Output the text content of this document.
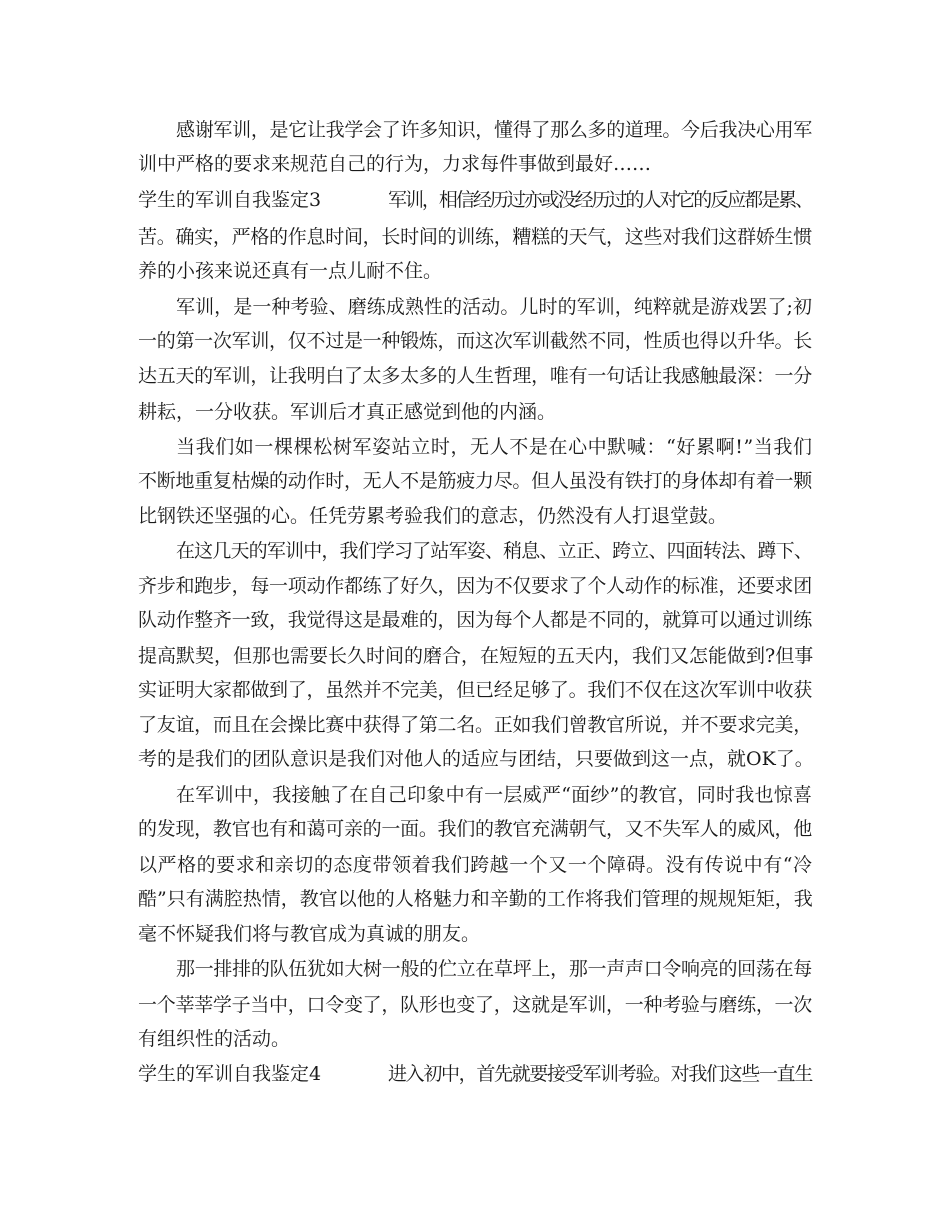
感谢军训，是它让我学会了许多知识，懂得了那么多的道理。今后我决心用军
训中严格的要求来规范自己的行为，力求每件事做到最好……
学生的军训自我鉴定3	军训，相信经历过亦或没经历过的人对它的反应都是累、
苦。确实，严格的作息时间，长时间的训练，糟糕的天气，这些对我们这群娇生惯
养的小孩来说还真有一点儿耐不住。
军训，是一种考验、磨练成熟性的活动。儿时的军训，纯粹就是游戏罢了;初
一的第一次军训，仅不过是一种锻炼，而这次军训截然不同，性质也得以升华。长
达五天的军训，让我明白了太多太多的人生哲理，唯有一句话让我感触最深：一分
耕耘，一分收获。军训后才真正感觉到他的内涵。
当我们如一棵棵松树军姿站立时，无人不是在心中默喊：“好累啊!”当我们
不断地重复枯燥的动作时，无人不是筋疲力尽。但人虽没有铁打的身体却有着一颗
比钢铁还坚强的心。任凭劳累考验我们的意志，仍然没有人打退堂鼓。
在这几天的军训中，我们学习了站军姿、稍息、立正、跨立、四面转法、蹲下、
齐步和跑步，每一项动作都练了好久，因为不仅要求了个人动作的标准，还要求团
队动作整齐一致，我觉得这是最难的，因为每个人都是不同的，就算可以通过训练
提高默契，但那也需要长久时间的磨合，在短短的五天内，我们又怎能做到?但事
实证明大家都做到了，虽然并不完美，但已经足够了。我们不仅在这次军训中收获
了友谊，而且在会操比赛中获得了第二名。正如我们曾教官所说，并不要求完美，
考的是我们的团队意识是我们对他人的适应与团结，只要做到这一点，就OK了。
在军训中，我接触了在自己印象中有一层威严“面纱”的教官，同时我也惊喜
的发现，教官也有和蔼可亲的一面。我们的教官充满朝气，又不失军人的威风，他
以严格的要求和亲切的态度带领着我们跨越一个又一个障碍。没有传说中有“冷
酷”只有满腔热情，教官以他的人格魅力和辛勤的工作将我们管理的规规矩矩，我
毫不怀疑我们将与教官成为真诚的朋友。
那一排排的队伍犹如大树一般的伫立在草坪上，那一声声口令响亮的回荡在每
一个莘莘学子当中，口令变了，队形也变了，这就是军训，一种考验与磨练，一次
有组织性的活动。
学生的军训自我鉴定4	进入初中，首先就要接受军训考验。对我们这些一直生
